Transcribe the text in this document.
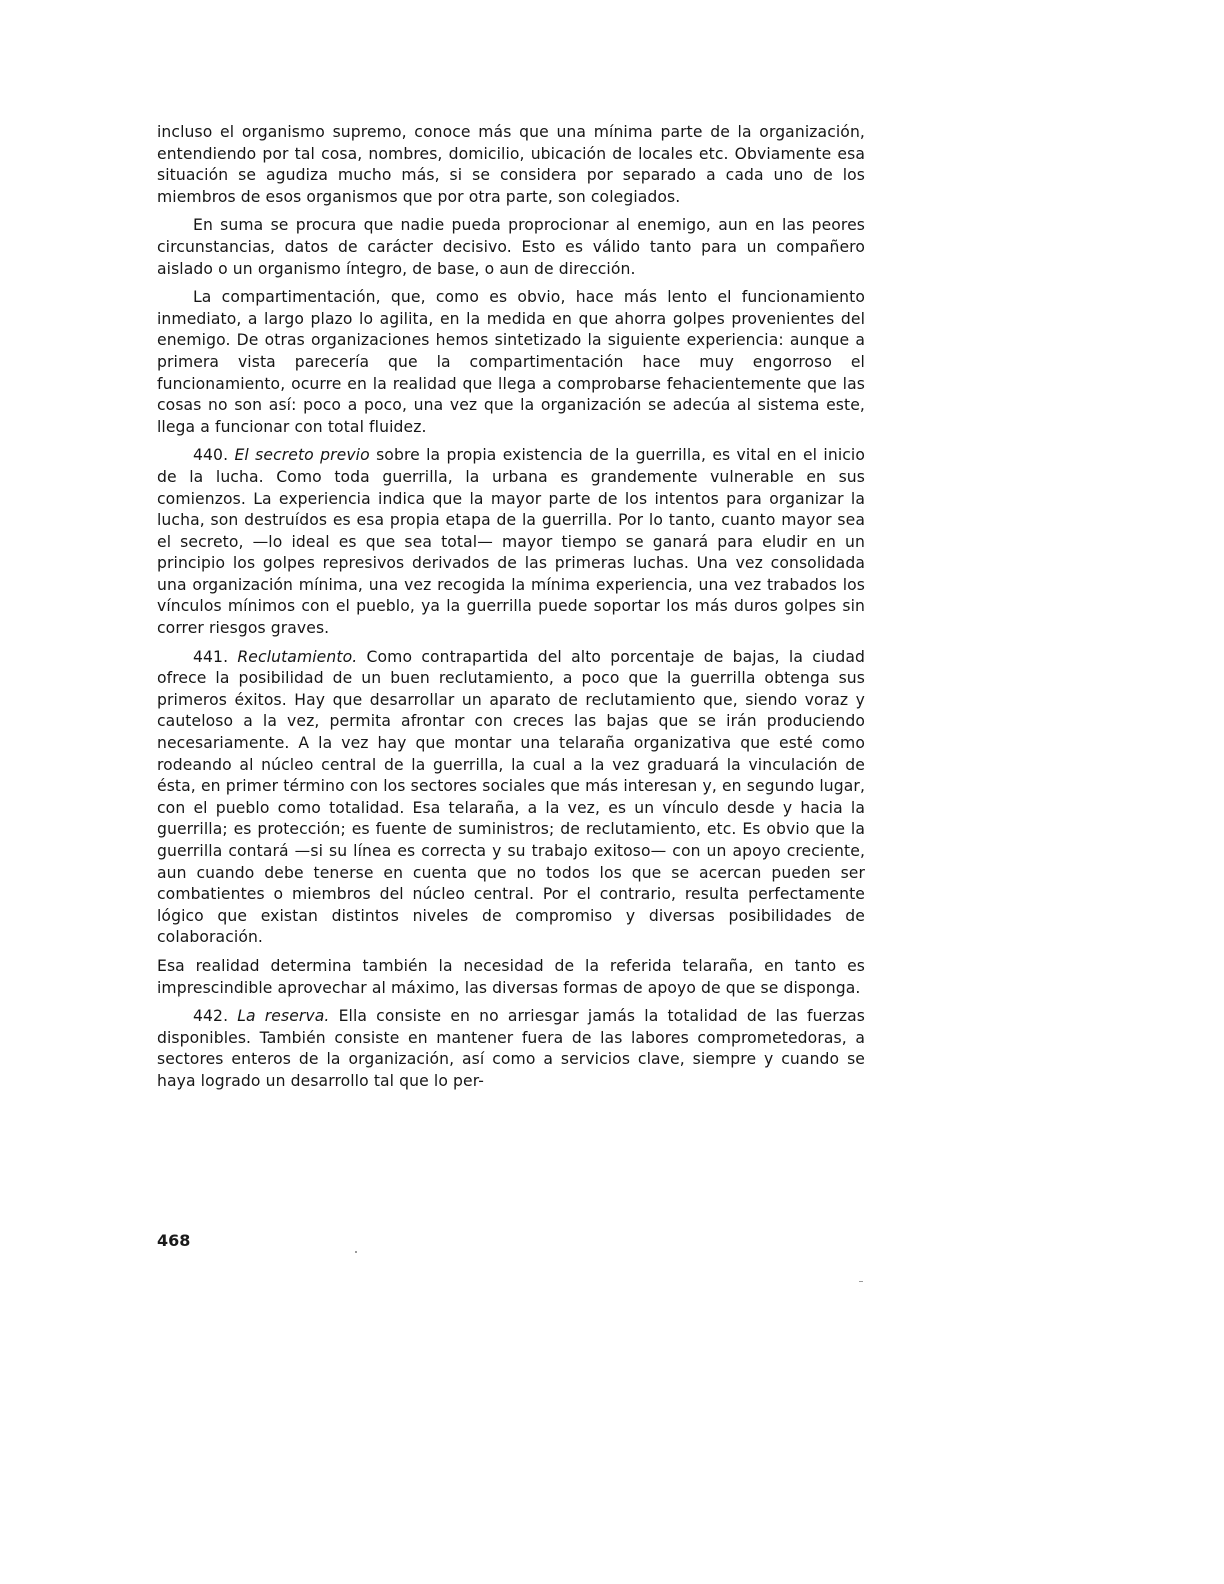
incluso el organismo supremo, conoce más que una mínima parte de la organización, entendiendo por tal cosa, nombres, domicilio, ubicación de locales etc. Obviamente esa situación se agudiza mucho más, si se considera por separado a cada uno de los miembros de esos organismos que por otra parte, son colegiados.

En suma se procura que nadie pueda proprocionar al enemigo, aun en las peores circunstancias, datos de carácter decisivo. Esto es válido tanto para un compañero aislado o un organismo íntegro, de base, o aun de dirección.

La compartimentación, que, como es obvio, hace más lento el funcionamiento inmediato, a largo plazo lo agilita, en la medida en que ahorra golpes provenientes del enemigo. De otras organizaciones hemos sintetizado la siguiente experiencia: aunque a primera vista parecería que la compartimentación hace muy engorroso el funcionamiento, ocurre en la realidad que llega a comprobarse fehacientemente que las cosas no son así: poco a poco, una vez que la organización se adecúa al sistema este, llega a funcionar con total fluidez.

440. El secreto previo sobre la propia existencia de la guerrilla, es vital en el inicio de la lucha. Como toda guerrilla, la urbana es grandemente vulnerable en sus comienzos. La experiencia indica que la mayor parte de los intentos para organizar la lucha, son destruídos es esa propia etapa de la guerrilla. Por lo tanto, cuanto mayor sea el secreto, —lo ideal es que sea total— mayor tiempo se ganará para eludir en un principio los golpes represivos derivados de las primeras luchas. Una vez consolidada una organización mínima, una vez recogida la mínima experiencia, una vez trabados los vínculos mínimos con el pueblo, ya la guerrilla puede soportar los más duros golpes sin correr riesgos graves.

441. Reclutamiento. Como contrapartida del alto porcentaje de bajas, la ciudad ofrece la posibilidad de un buen reclutamiento, a poco que la guerrilla obtenga sus primeros éxitos. Hay que desarrollar un aparato de reclutamiento que, siendo voraz y cauteloso a la vez, permita afrontar con creces las bajas que se irán produciendo necesariamente. A la vez hay que montar una telaraña organizativa que esté como rodeando al núcleo central de la guerrilla, la cual a la vez graduará la vinculación de ésta, en primer término con los sectores sociales que más interesan y, en segundo lugar, con el pueblo como totalidad. Esa telaraña, a la vez, es un vínculo desde y hacia la guerrilla; es protección; es fuente de suministros; de reclutamiento, etc. Es obvio que la guerrilla contará —si su línea es correcta y su trabajo exitoso— con un apoyo creciente, aun cuando debe tenerse en cuenta que no todos los que se acercan pueden ser combatientes o miembros del núcleo central. Por el contrario, resulta perfectamente lógico que existan distintos niveles de compromiso y diversas posibilidades de colaboración.

Esa realidad determina también la necesidad de la referida telaraña, en tanto es imprescindible aprovechar al máximo, las diversas formas de apoyo de que se disponga.

442. La reserva. Ella consiste en no arriesgar jamás la totalidad de las fuerzas disponibles. También consiste en mantener fuera de las labores comprometedoras, a sectores enteros de la organización, así como a servicios clave, siempre y cuando se haya logrado un desarrollo tal que lo per-

468
